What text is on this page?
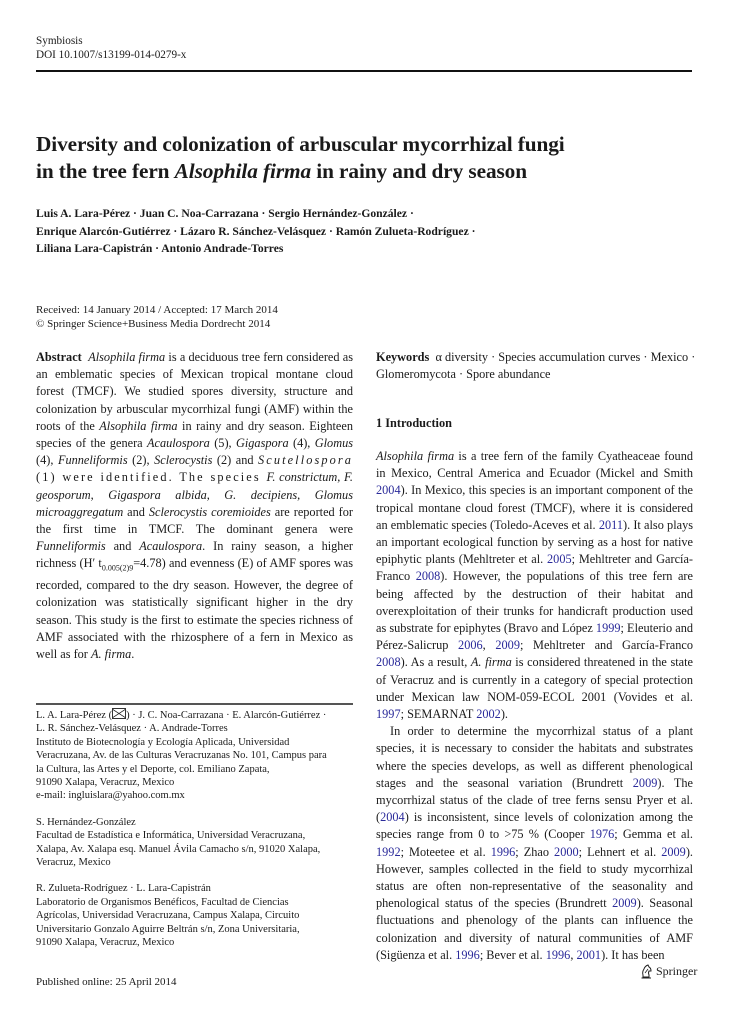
Symbiosis
DOI 10.1007/s13199-014-0279-x
Diversity and colonization of arbuscular mycorrhizal fungi
in the tree fern Alsophila firma in rainy and dry season
Luis A. Lara-Pérez · Juan C. Noa-Carrazana · Sergio Hernández-González ·
Enrique Alarcón-Gutiérrez · Lázaro R. Sánchez-Velásquez · Ramón Zulueta-Rodríguez ·
Liliana Lara-Capistrán · Antonio Andrade-Torres
Received: 14 January 2014 / Accepted: 17 March 2014
© Springer Science+Business Media Dordrecht 2014
Abstract Alsophila firma is a deciduous tree fern considered as an emblematic species of Mexican tropical montane cloud forest (TMCF). We studied spores diversity, structure and colonization by arbuscular mycorrhizal fungi (AMF) within the roots of the Alsophila firma in rainy and dry season. Eighteen species of the genera Acaulospora (5), Gigaspora (4), Glomus (4), Funneliformis (2), Sclerocystis (2) and Scutellospora (1) were identified. The species F. constrictum, F. geosporum, Gigaspora albida, G. decipiens, Glomus microaggregatum and Sclerocystis coremioides are reported for the first time in TMCF. The dominant genera were Funneliformis and Acaulospora. In rainy season, a higher richness (H′ $t_{0.005(2)9}=4.78$) and evenness (E) of AMF spores was recorded, compared to the dry season. However, the degree of colonization was statistically significant higher in the dry season. This study is the first to estimate the species richness of AMF associated with the rhizosphere of a fern in Mexico as well as for A. firma.
Keywords α diversity · Species accumulation curves · Mexico · Glomeromycota · Spore abundance
1 Introduction

Alsophila firma is a tree fern of the family Cyatheaceae found in Mexico, Central America and Ecuador (Mickel and Smith 2004). In Mexico, this species is an important component of the tropical montane cloud forest (TMCF), where it is considered an emblematic species (Toledo-Aceves et al. 2011). It also plays an important ecological function by serving as a host for native epiphytic plants (Mehltreter et al. 2005; Mehltreter and García-Franco 2008). However, the populations of this tree fern are being affected by the destruction of their habitat and overexploitation of their trunks for handicraft production used as substrate for epiphytes (Bravo and López 1999; Eleuterio and Pérez-Salicrup 2006, 2009; Mehltreter and García-Franco 2008). As a result, A. firma is considered threatened in the state of Veracruz and is currently in a category of special protection under Mexican law NOM-059-ECOL 2001 (Vovides et al. 1997; SEMARNAT 2002).

In order to determine the mycorrhizal status of a plant species, it is necessary to consider the habitats and substrates where the species develops, as well as different phenological stages and the seasonal variation (Brundrett 2009). The mycorrhizal status of the clade of tree ferns sensu Pryer et al. (2004) is inconsistent, since levels of colonization among the species range from 0 to >75 % (Cooper 1976; Gemma et al. 1992; Moteetee et al. 1996; Zhao 2000; Lehnert et al. 2009). However, samples collected in the field to study mycorrhizal status are often non-representative of the seasonality and phenological status of the species (Brundrett 2009). Seasonal fluctuations and phenology of the plants can influence the colonization and diversity of natural communities of AMF (Sigüenza et al. 1996; Bever et al. 1996, 2001). It has been

L. A. Lara-Pérez ( ) · J. C. Noa-Carrazana · E. Alarcón-Gutiérrez ·
L. R. Sánchez-Velásquez · A. Andrade-Torres
Instituto de Biotecnología y Ecología Aplicada, Universidad
Veracruzana, Av. de las Culturas Veracruzanas No. 101, Campus para
la Cultura, las Artes y el Deporte, col. Emiliano Zapata,
91090 Xalapa, Veracruz, Mexico
e-mail: ingluislara@yahoo.com.mx
S. Hernández-González
Facultad de Estadística e Informática, Universidad Veracruzana,
Xalapa, Av. Xalapa esq. Manuel Ávila Camacho s/n, 91020 Xalapa,
Veracruz, Mexico
R. Zulueta-Rodríguez · L. Lara-Capistrán
Laboratorio de Organismos Benéficos, Facultad de Ciencias
Agrícolas, Universidad Veracruzana, Campus Xalapa, Circuito
Universitario Gonzalo Aguirre Beltrán s/n, Zona Universitaria,
91090 Xalapa, Veracruz, Mexico
Published online: 25 April 2014
Springer
